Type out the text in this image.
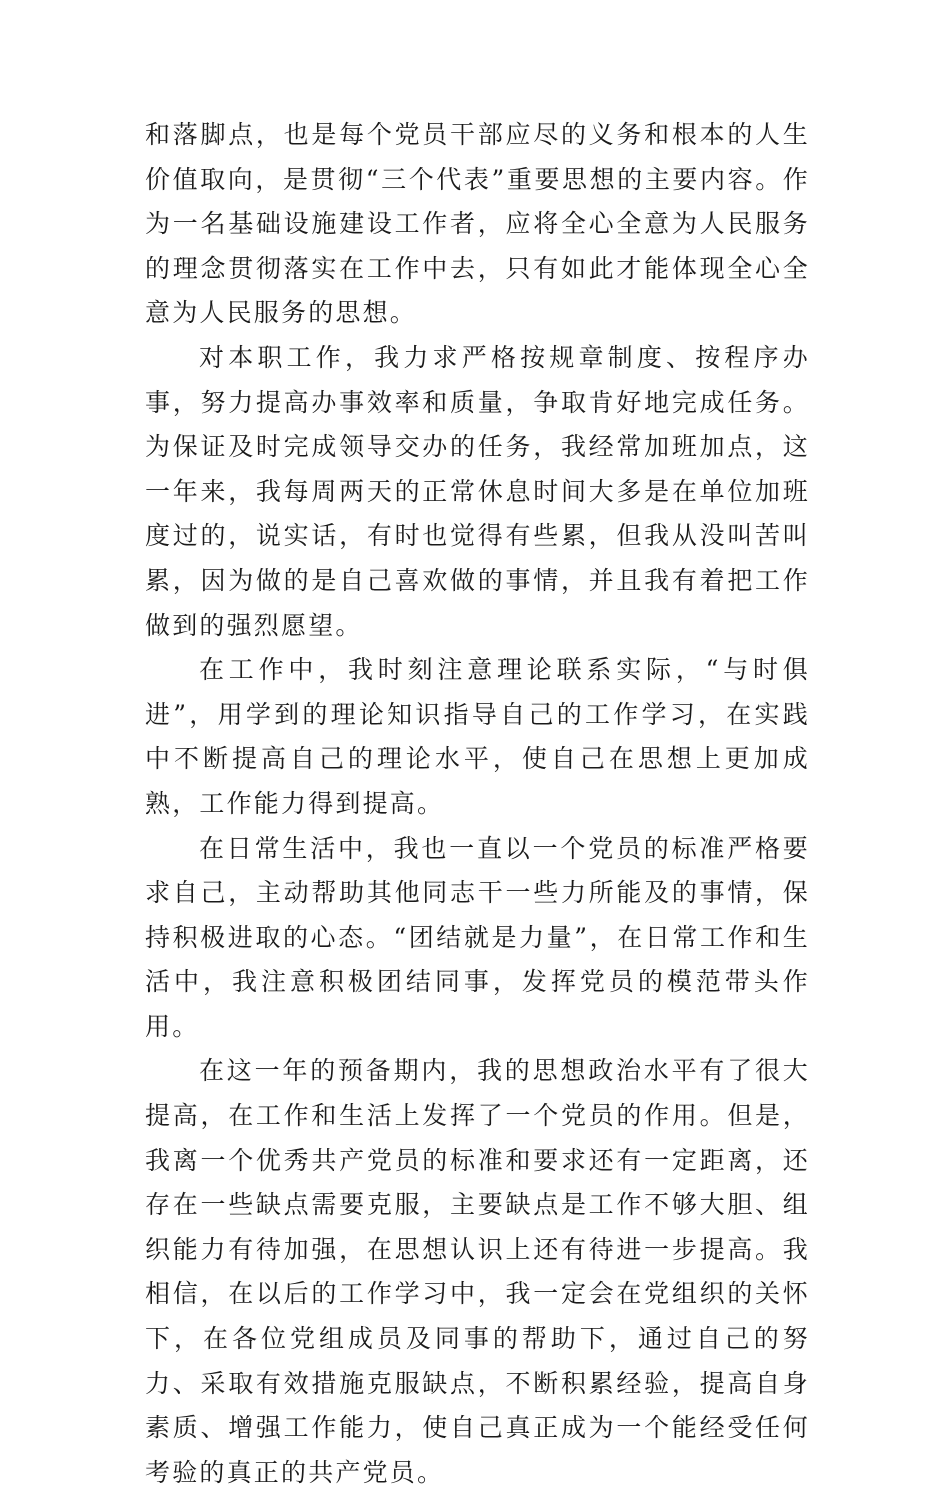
和落脚点，也是每个党员干部应尽的义务和根本的人生价值取向，是贯彻“三个代表”重要思想的主要内容。作为一名基础设施建设工作者，应将全心全意为人民服务的理念贯彻落实在工作中去，只有如此才能体现全心全意为人民服务的思想。

对本职工作，我力求严格按规章制度、按程序办事，努力提高办事效率和质量，争取肯好地完成任务。为保证及时完成领导交办的任务，我经常加班加点，这一年来，我每周两天的正常休息时间大多是在单位加班度过的，说实话，有时也觉得有些累，但我从没叫苦叫累，因为做的是自己喜欢做的事情，并且我有着把工作做到的强烈愿望。

在工作中，我时刻注意理论联系实际，“与时俱进”，用学到的理论知识指导自己的工作学习，在实践中不断提高自己的理论水平，使自己在思想上更加成熟，工作能力得到提高。

在日常生活中，我也一直以一个党员的标准严格要求自己，主动帮助其他同志干一些力所能及的事情，保持积极进取的心态。“团结就是力量”，在日常工作和生活中，我注意积极团结同事，发挥党员的模范带头作用。

在这一年的预备期内，我的思想政治水平有了很大提高，在工作和生活上发挥了一个党员的作用。但是，我离一个优秀共产党员的标准和要求还有一定距离，还存在一些缺点需要克服，主要缺点是工作不够大胆、组织能力有待加强，在思想认识上还有待进一步提高。我相信，在以后的工作学习中，我一定会在党组织的关怀下，在各位党组成员及同事的帮助下，通过自己的努力、采取有效措施克服缺点，不断积累经验，提高自身素质、增强工作能力，使自己真正成为一个能经受任何考验的真正的共产党员。
